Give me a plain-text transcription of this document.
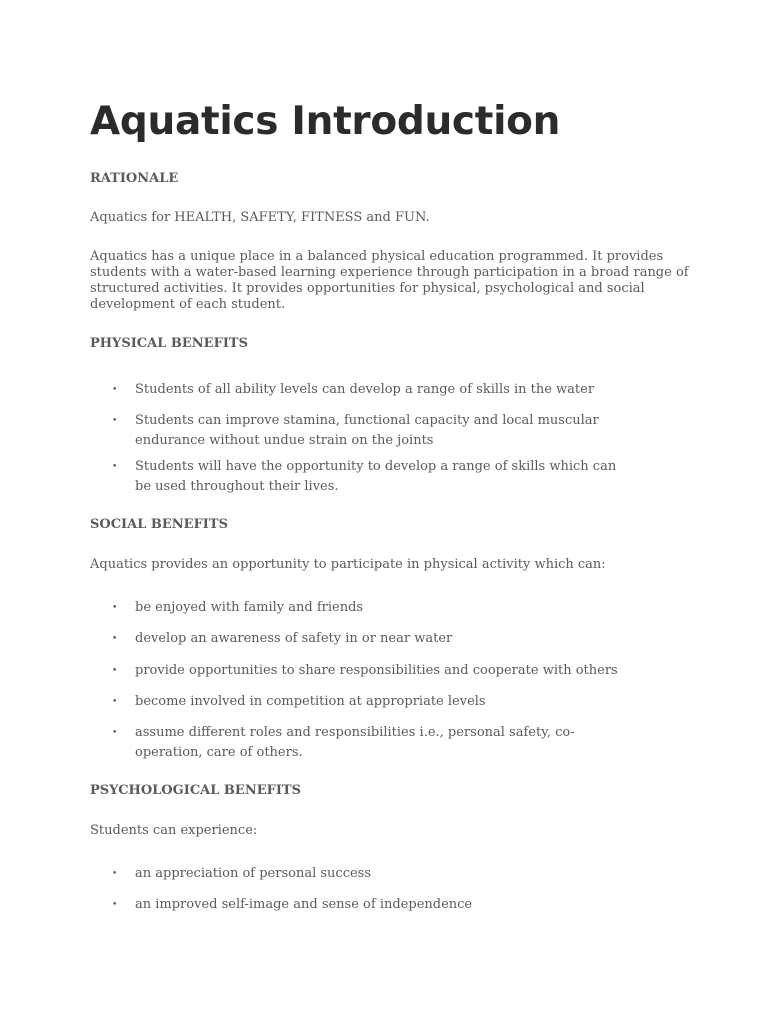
Aquatics Introduction

RATIONALE

Aquatics for HEALTH, SAFETY, FITNESS and FUN.

Aquatics has a unique place in a balanced physical education programmed. It provides students with a water-based learning experience through participation in a broad range of structured activities. It provides opportunities for physical, psychological and social development of each student.

PHYSICAL BENEFITS

• Students of all ability levels can develop a range of skills in the water
• Students can improve stamina, functional capacity and local muscular endurance without undue strain on the joints
• Students will have the opportunity to develop a range of skills which can be used throughout their lives.

SOCIAL BENEFITS

Aquatics provides an opportunity to participate in physical activity which can:

• be enjoyed with family and friends
• develop an awareness of safety in or near water
• provide opportunities to share responsibilities and cooperate with others
• become involved in competition at appropriate levels
• assume different roles and responsibilities i.e., personal safety, co-operation, care of others.

PSYCHOLOGICAL BENEFITS

Students can experience:

• an appreciation of personal success
• an improved self-image and sense of independence
